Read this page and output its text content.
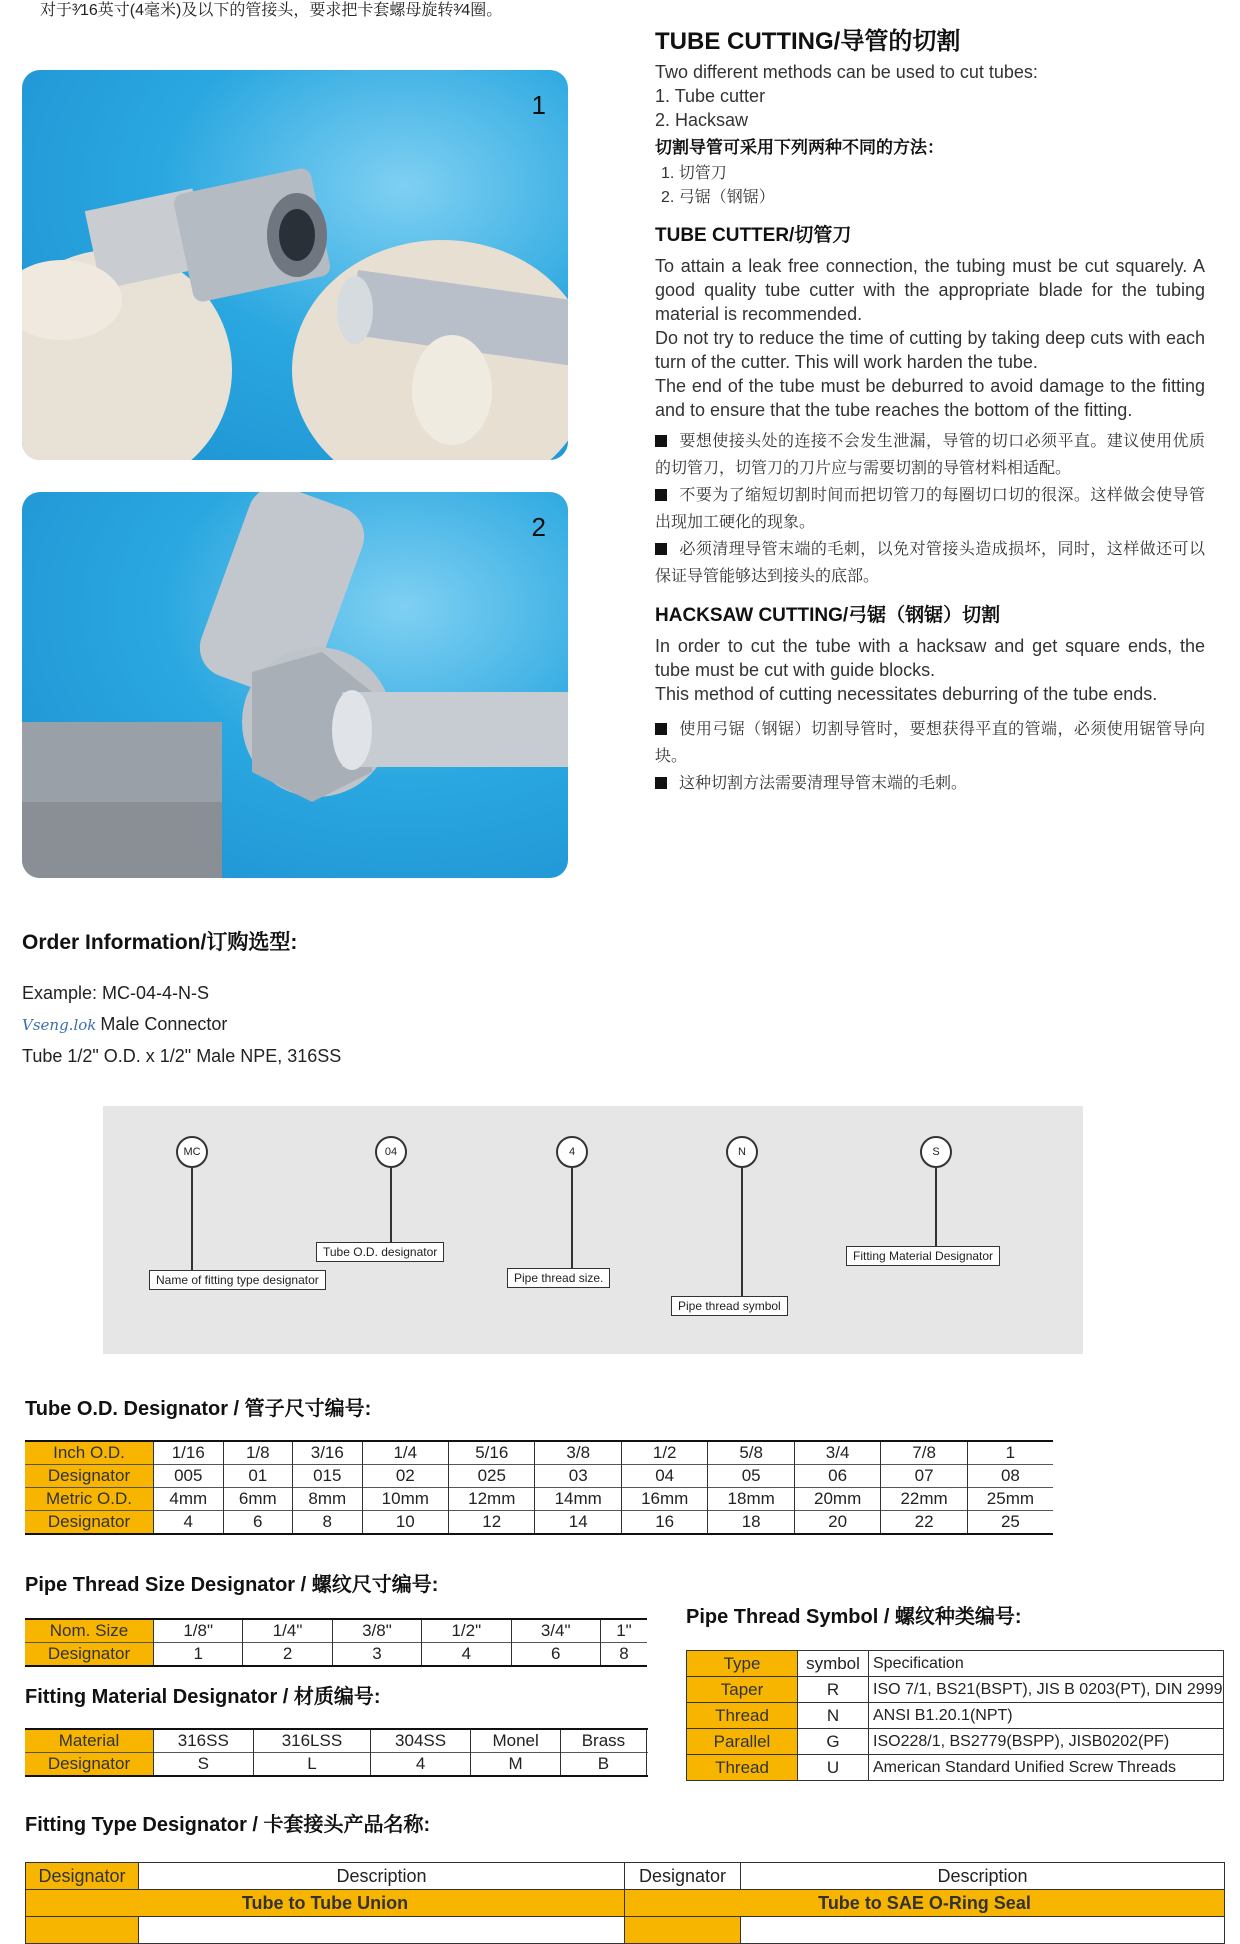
对于³⁄16英寸(4毫米)及以下的管接头，要求把卡套螺母旋转³⁄4圈。
1
2
TUBE CUTTING/导管的切割

Two different methods can be used to cut tubes:

1. Tube cutter

2. Hacksaw

切割导管可采用下列两种不同的方法：

1. 切管刀

2. 弓锯（钢锯）

TUBE CUTTER/切管刀

To attain a leak free connection, the tubing must be cut squarely. A good quality tube cutter with the appropriate blade for the tubing material is recommended.

Do not try to reduce the time of cutting by taking deep cuts with each turn of the cutter. This will work harden the tube.

The end of the tube must be deburred to avoid damage to the fitting and to ensure that the tube reaches the bottom of the fitting.

要想使接头处的连接不会发生泄漏，导管的切口必须平直。建议使用优质的切管刀，切管刀的刀片应与需要切割的导管材料相适配。

不要为了缩短切割时间而把切管刀的每圈切口切的很深。这样做会使导管出现加工硬化的现象。

必须清理导管末端的毛刺，以免对管接头造成损坏，同时，这样做还可以保证导管能够达到接头的底部。

HACKSAW CUTTING/弓锯（钢锯）切割

In order to cut the tube with a hacksaw and get square ends, the tube must be cut with guide blocks.

This method of cutting necessitates deburring of the tube ends.

使用弓锯（钢锯）切割导管时，要想获得平直的管端，必须使用锯管导向块。

这种切割方法需要清理导管末端的毛刺。

Order Information/订购选型:
Example: MC-04-4-N-S
Vseng.lok Male Connector
Tube 1/2" O.D. x 1/2" Male NPE, 316SS
MC
Name of fitting type designator
04
Tube O.D. designator
4
Pipe thread size.
N
Pipe thread symbol
S
Fitting Material Designator
Tube O.D. Designator / 管子尺寸编号:
Inch O.D.	1/16	1/8	3/16	1/4	5/16	3/8	1/2	5/8	3/4	7/8	1
Designator	005	01	015	02	025	03	04	05	06	07	08
Metric O.D.	4mm	6mm	8mm	10mm	12mm	14mm	16mm	18mm	20mm	22mm	25mm
Designator	4	6	8	10	12	14	16	18	20	22	25
Pipe Thread Size Designator / 螺纹尺寸编号:
Nom. Size	1/8"	1/4"	3/8"	1/2"	3/4"	1"
Designator	1	2	3	4	6	8
Fitting Material Designator / 材质编号:
Material	316SS	316LSS	304SS	Monel	Brass	
Designator	S	L	4	M	B	
Pipe Thread Symbol / 螺纹种类编号:
Type	symbol	Specification
Taper	R	ISO 7/1, BS21(BSPT), JIS B 0203(PT), DIN 2999
Thread	N	ANSI B1.20.1(NPT)
Parallel	G	ISO228/1, BS2779(BSPP), JISB0202(PF)
Thread	U	American Standard Unified Screw Threads
Fitting Type Designator / 卡套接头产品名称:
Designator	Description	Designator	Description
Tube to Tube Union		Tube to SAE O-Ring Seal	
